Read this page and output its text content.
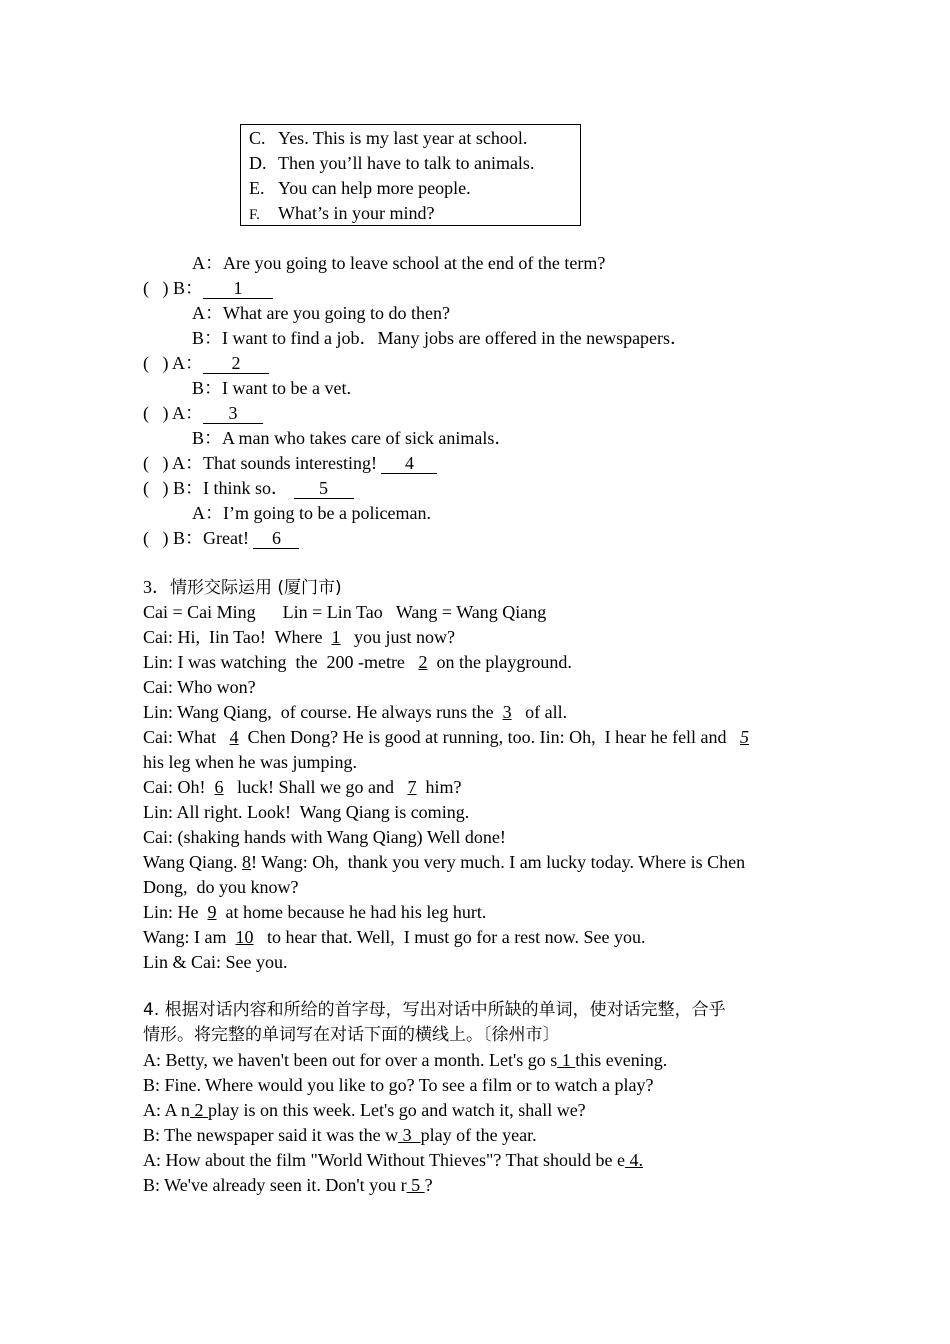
C. Yes. This is my last year at school.
D. Then you’ll have to talk to animals.
E. You can help more people.
F. What’s in your mind?
A：Are you going to leave school at the end of the term?
(   ) B： 1
A：What are you going to do then?
B：I want to find a job．Many jobs are offered in the newspapers．
(   ) A： 2
B：I want to be a vet.
(   ) A： 3
B：A man who takes care of sick animals．
(   ) A：That sounds interesting! 4
(   ) B：I think so． 5
A：I’m going to be a policeman.
(   ) B：Great! 6
3．情形交际运用 (厦门市)
Cai = Cai Ming      Lin = Lin Tao   Wang = Wang Qiang
Cai: Hi,  Iin Tao!  Where  1   you just now?
Lin: I was watching  the  200 -metre   2  on the playground.
Cai: Who won?
Lin: Wang Qiang,  of course. He always runs the  3   of all.
Cai: What   4  Chen Dong? He is good at running, too. Iin: Oh,  I hear he fell and   5
his leg when he was jumping.
Cai: Oh!  6   luck! Shall we go and   7  him?
Lin: All right. Look!  Wang Qiang is coming.
Cai: (shaking hands with Wang Qiang) Well done!
Wang Qiang. 8! Wang: Oh,  thank you very much. I am lucky today. Where is Chen
Dong,  do you know?
Lin: He  9  at home because he had his leg hurt.
Wang: I am  10   to hear that. Well,  I must go for a rest now. See you.
Lin & Cai: See you.
4. 根据对话内容和所给的首字母，写出对话中所缺的单词，使对话完整，合乎
情形。将完整的单词写在对话下面的横线上。〔徐州市〕
A: Betty, we haven't been out for over a month. Let's go s 1 this evening.
B: Fine. Where would you like to go? To see a film or to watch a play?
A: A n 2 play is on this week. Let's go and watch it, shall we?
B: The newspaper said it was the w 3  play of the year.
A: How about the film "World Without Thieves"? That should be e 4.
B: We've already seen it. Don't you r 5 ?
